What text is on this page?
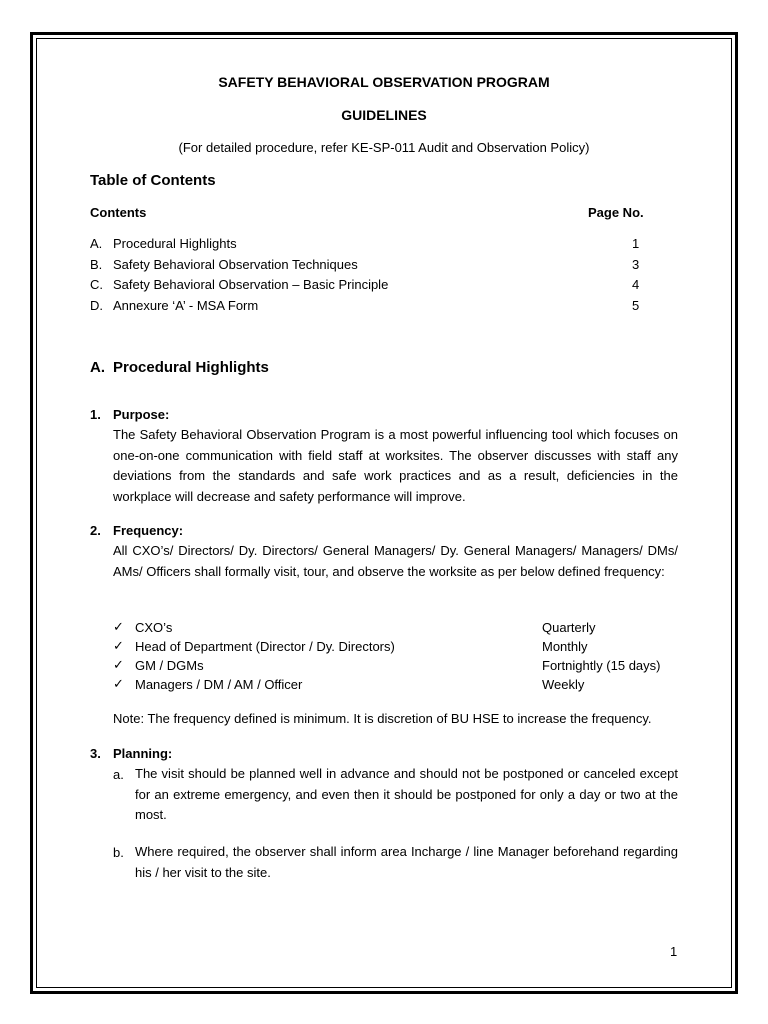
SAFETY BEHAVIORAL OBSERVATION PROGRAM
GUIDELINES
(For detailed procedure, refer KE-SP-011 Audit and Observation Policy)
Table of Contents
Contents	Page No.
A. Procedural Highlights	1
B. Safety Behavioral Observation Techniques	3
C. Safety Behavioral Observation – Basic Principle	4
D. Annexure ‘A’ - MSA Form	5
A. Procedural Highlights
1. Purpose:
The Safety Behavioral Observation Program is a most powerful influencing tool which focuses on one-on-one communication with field staff at worksites. The observer discusses with staff any deviations from the standards and safe work practices and as a result, deficiencies in the workplace will decrease and safety performance will improve.
2. Frequency:
All CXO’s/ Directors/ Dy. Directors/ General Managers/ Dy. General Managers/ Managers/ DMs/ AMs/ Officers shall formally visit, tour, and observe the worksite as per below defined frequency:
✓ CXO’s	Quarterly
✓ Head of Department (Director / Dy. Directors)	Monthly
✓ GM / DGMs	Fortnightly (15 days)
✓ Managers / DM / AM / Officer	Weekly
Note: The frequency defined is minimum. It is discretion of BU HSE to increase the frequency.
3. Planning:
a. The visit should be planned well in advance and should not be postponed or canceled except for an extreme emergency, and even then it should be postponed for only a day or two at the most.
b. Where required, the observer shall inform area Incharge / line Manager beforehand regarding his / her visit to the site.
1
